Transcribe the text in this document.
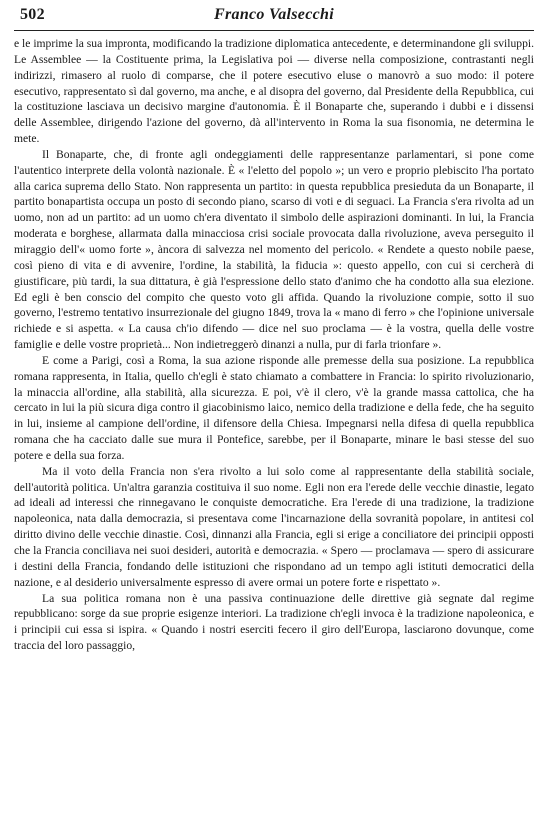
502	Franco Valsecchi

e le imprime la sua impronta, modificando la tradizione diplomatica antecedente, e determinandone gli sviluppi. Le Assemblee — la Costituente prima, la Legislativa poi — diverse nella composizione, contrastanti negli indirizzi, rimasero al ruolo di comparse, che il potere esecutivo eluse o manovrò a suo modo: il potere esecutivo, rappresentato sì dal governo, ma anche, e al disopra del governo, dal Presidente della Repubblica, cui la costituzione lasciava un decisivo margine d'autonomia. È il Bonaparte che, superando i dubbi e i dissensi delle Assemblee, dirigendo l'azione del governo, dà all'intervento in Roma la sua fisonomia, ne determina le mete.

Il Bonaparte, che, di fronte agli ondeggiamenti delle rappresentanze parlamentari, si pone come l'autentico interprete della volontà nazionale. È « l'eletto del popolo »; un vero e proprio plebiscito l'ha portato alla carica suprema dello Stato. Non rappresenta un partito: in questa repubblica presieduta da un Bonaparte, il partito bonapartista occupa un posto di secondo piano, scarso di voti e di seguaci. La Francia s'era rivolta ad un uomo, non ad un partito: ad un uomo ch'era diventato il simbolo delle aspirazioni dominanti. In lui, la Francia moderata e borghese, allarmata dalla minacciosa crisi sociale provocata dalla rivoluzione, aveva perseguito il miraggio dell'« uomo forte », àncora di salvezza nel momento del pericolo. « Rendete a questo nobile paese, così pieno di vita e di avvenire, l'ordine, la stabilità, la fiducia »: questo appello, con cui si cercherà di giustificare, più tardi, la sua dittatura, è già l'espressione dello stato d'animo che ha condotto alla sua elezione. Ed egli è ben conscio del compito che questo voto gli affida. Quando la rivoluzione compie, sotto il suo governo, l'estremo tentativo insurrezionale del giugno 1849, trova la « mano di ferro » che l'opinione universale richiede e si aspetta. « La causa ch'io difendo — dice nel suo proclama — è la vostra, quella delle vostre famiglie e delle vostre proprietà... Non indietreggerò dinanzi a nulla, pur di farla trionfare ».

E come a Parigi, così a Roma, la sua azione risponde alle premesse della sua posizione. La repubblica romana rappresenta, in Italia, quello ch'egli è stato chiamato a combattere in Francia: lo spirito rivoluzionario, la minaccia all'ordine, alla stabilità, alla sicurezza. E poi, v'è il clero, v'è la grande massa cattolica, che ha cercato in lui la più sicura diga contro il giacobinismo laico, nemico della tradizione e della fede, che ha seguito in lui, insieme al campione dell'ordine, il difensore della Chiesa. Impegnarsi nella difesa di quella repubblica romana che ha cacciato dalle sue mura il Pontefice, sarebbe, per il Bonaparte, minare le basi stesse del suo potere e della sua forza.

Ma il voto della Francia non s'era rivolto a lui solo come al rappresentante della stabilità sociale, dell'autorità politica. Un'altra garanzia costituiva il suo nome. Egli non era l'erede delle vecchie dinastie, legato ad ideali ad interessi che rinnegavano le conquiste democratiche. Era l'erede di una tradizione, la tradizione napoleonica, nata dalla democrazia, si presentava come l'incarnazione della sovranità popolare, in antitesi col diritto divino delle vecchie dinastie. Così, dinnanzi alla Francia, egli si erige a conciliatore dei principii opposti che la Francia conciliava nei suoi desideri, autorità e democrazia. « Spero — proclamava — spero di assicurare i destini della Francia, fondando delle istituzioni che rispondano ad un tempo agli istituti democratici della nazione, e al desiderio universalmente espresso di avere ormai un potere forte e rispettato ».

La sua politica romana non è una passiva continuazione delle direttive già segnate dal regime repubblicano: sorge da sue proprie esigenze interiori. La tradizione ch'egli invoca è la tradizione napoleonica, e i principii cui essa si ispira. « Quando i nostri eserciti fecero il giro dell'Europa, lasciarono dovunque, come traccia del loro passaggio,
